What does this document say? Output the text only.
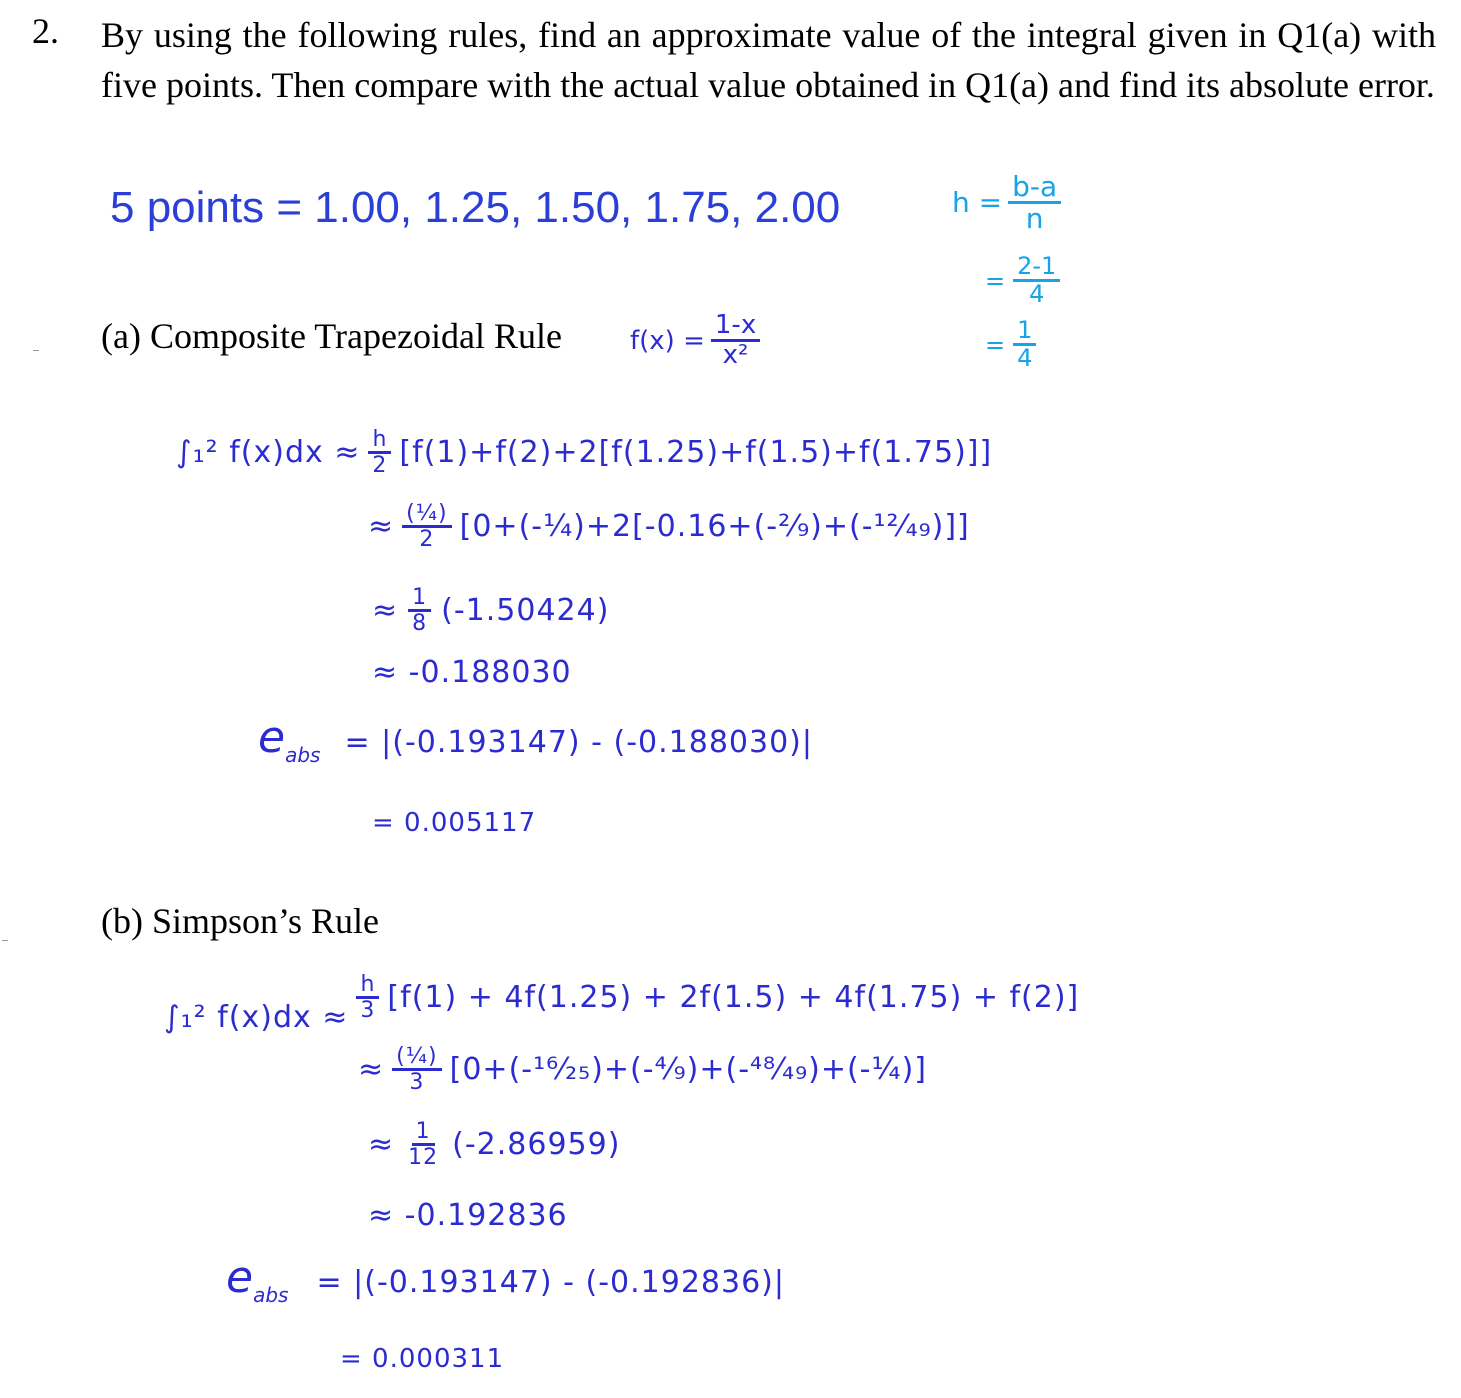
2. By using the following rules, find an approximate value of the integral given in Q1(a) with five points. Then compare with the actual value obtained in Q1(a) and find its absolute error.
5 points = 1.00, 1.25, 1.50, 1.75, 2.00	$h = \frac{b-a}{n}$
= $\frac{2-1}{4}$
= $\frac{1}{4}$
(a) Composite Trapezoidal Rule	$f(x) = \frac{1-x}{\text{x²}}$
∫₁² $f(x)dx \approx \frac{h}{2} [f(1)+f(2)+2[f(1.25)+f(1.5)+f(1.75)]]$
≈ $\frac{\text{(¼)}}{2}$ [0+(-¼)+2[-0.16+(-²⁄₉)+(-¹²⁄₄₉)]]
≈ $\frac{1}{8} (-1.50424)$
≈ -0.188030
$e_{abs} = |(-0.193147) - (-0.188030)|$
= 0.005117
(b) Simpson’s Rule
∫₁² $f(x)dx \approx \frac{h}{3} [f(1) + 4f(1.25) + 2f(1.5) + 4f(1.75) + f(2)]$
≈ $\frac{\text{(¼)}}{3}$ [0+(-¹⁶⁄₂₅)+(-⁴⁄₉)+(-⁴⁸⁄₄₉)+(-¼)]
≈ $\frac{1}{12} (-2.86959)$
≈ -0.192836
$e_{abs} = |(-0.193147) - (-0.192836)|$
= 0.000311
